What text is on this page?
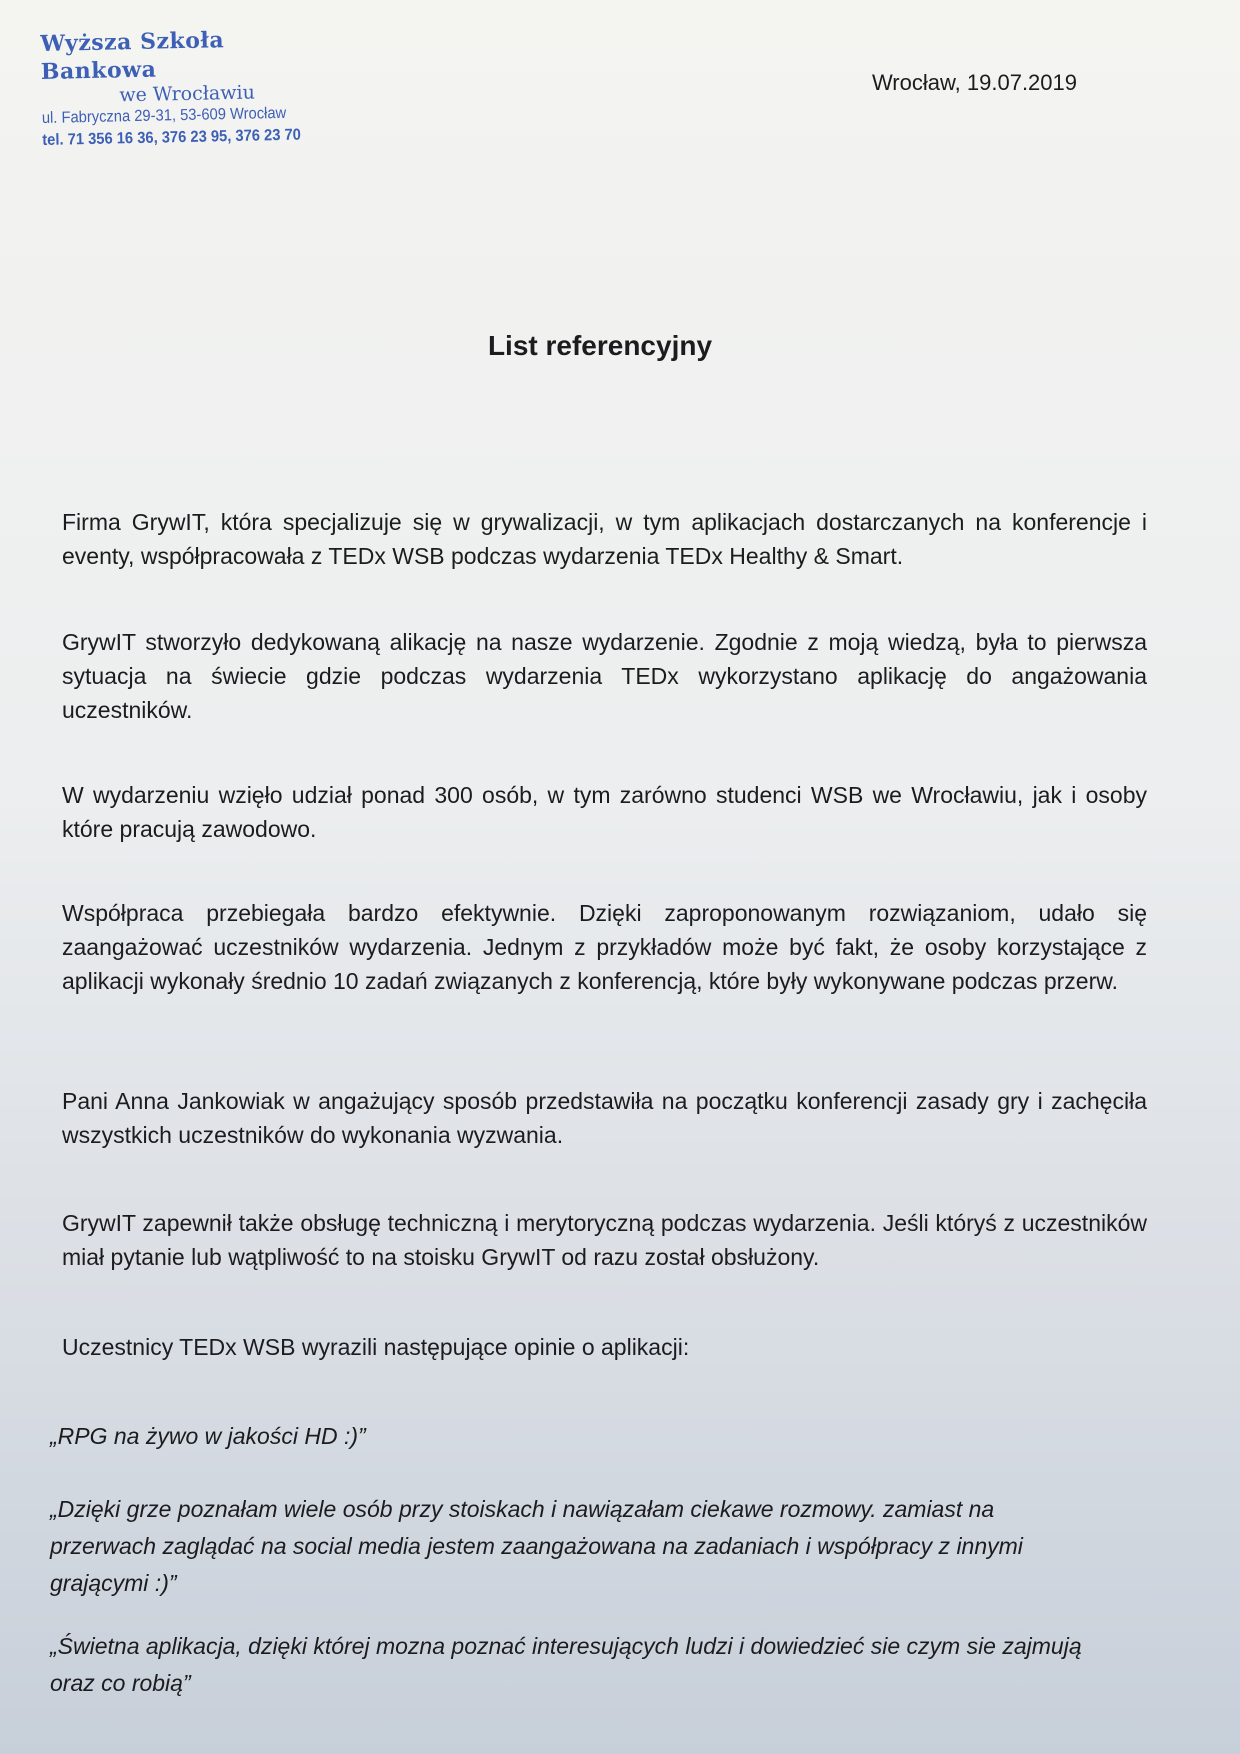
Wyższa Szkoła Bankowa
we Wrocławiu
ul. Fabryczna 29-31, 53-609 Wrocław
tel. 71 356 16 36, 376 23 95, 376 23 70
Wrocław, 19.07.2019
List referencyjny
Firma GrywIT, która specjalizuje się w grywalizacji, w tym aplikacjach dostarczanych na konferencje i eventy, współpracowała z TEDx WSB podczas wydarzenia TEDx Healthy & Smart.
GrywIT stworzyło dedykowaną alikację na nasze wydarzenie. Zgodnie z moją wiedzą, była to pierwsza sytuacja na świecie gdzie podczas wydarzenia TEDx wykorzystano aplikację do angażowania uczestników.
W wydarzeniu wzięło udział ponad 300 osób, w tym zarówno studenci WSB we Wrocławiu, jak i osoby które pracują zawodowo.
Współpraca przebiegała bardzo efektywnie. Dzięki zaproponowanym rozwiązaniom, udało się zaangażować uczestników wydarzenia. Jednym z przykładów może być fakt, że osoby korzystające z aplikacji wykonały średnio 10 zadań związanych z konferencją, które były wykonywane podczas przerw.
Pani Anna Jankowiak w angażujący sposób przedstawiła na początku konferencji zasady gry i zachęciła wszystkich uczestników do wykonania wyzwania.
GrywIT zapewnił także obsługę techniczną i merytoryczną podczas wydarzenia. Jeśli któryś z uczestników miał pytanie lub wątpliwość to na stoisku GrywIT od razu został obsłużony.
Uczestnicy TEDx WSB wyrazili następujące opinie o aplikacji:
„RPG na żywo w jakości HD :)”
„Dzięki grze poznałam wiele osób przy stoiskach i nawiązałam ciekawe rozmowy. zamiast na przerwach zaglądać na social media jestem zaangażowana na zadaniach i współpracy z innymi grającymi :)”
„Świetna aplikacja, dzięki której mozna poznać interesujących ludzi i dowiedzieć sie czym sie zajmują oraz co robią”
